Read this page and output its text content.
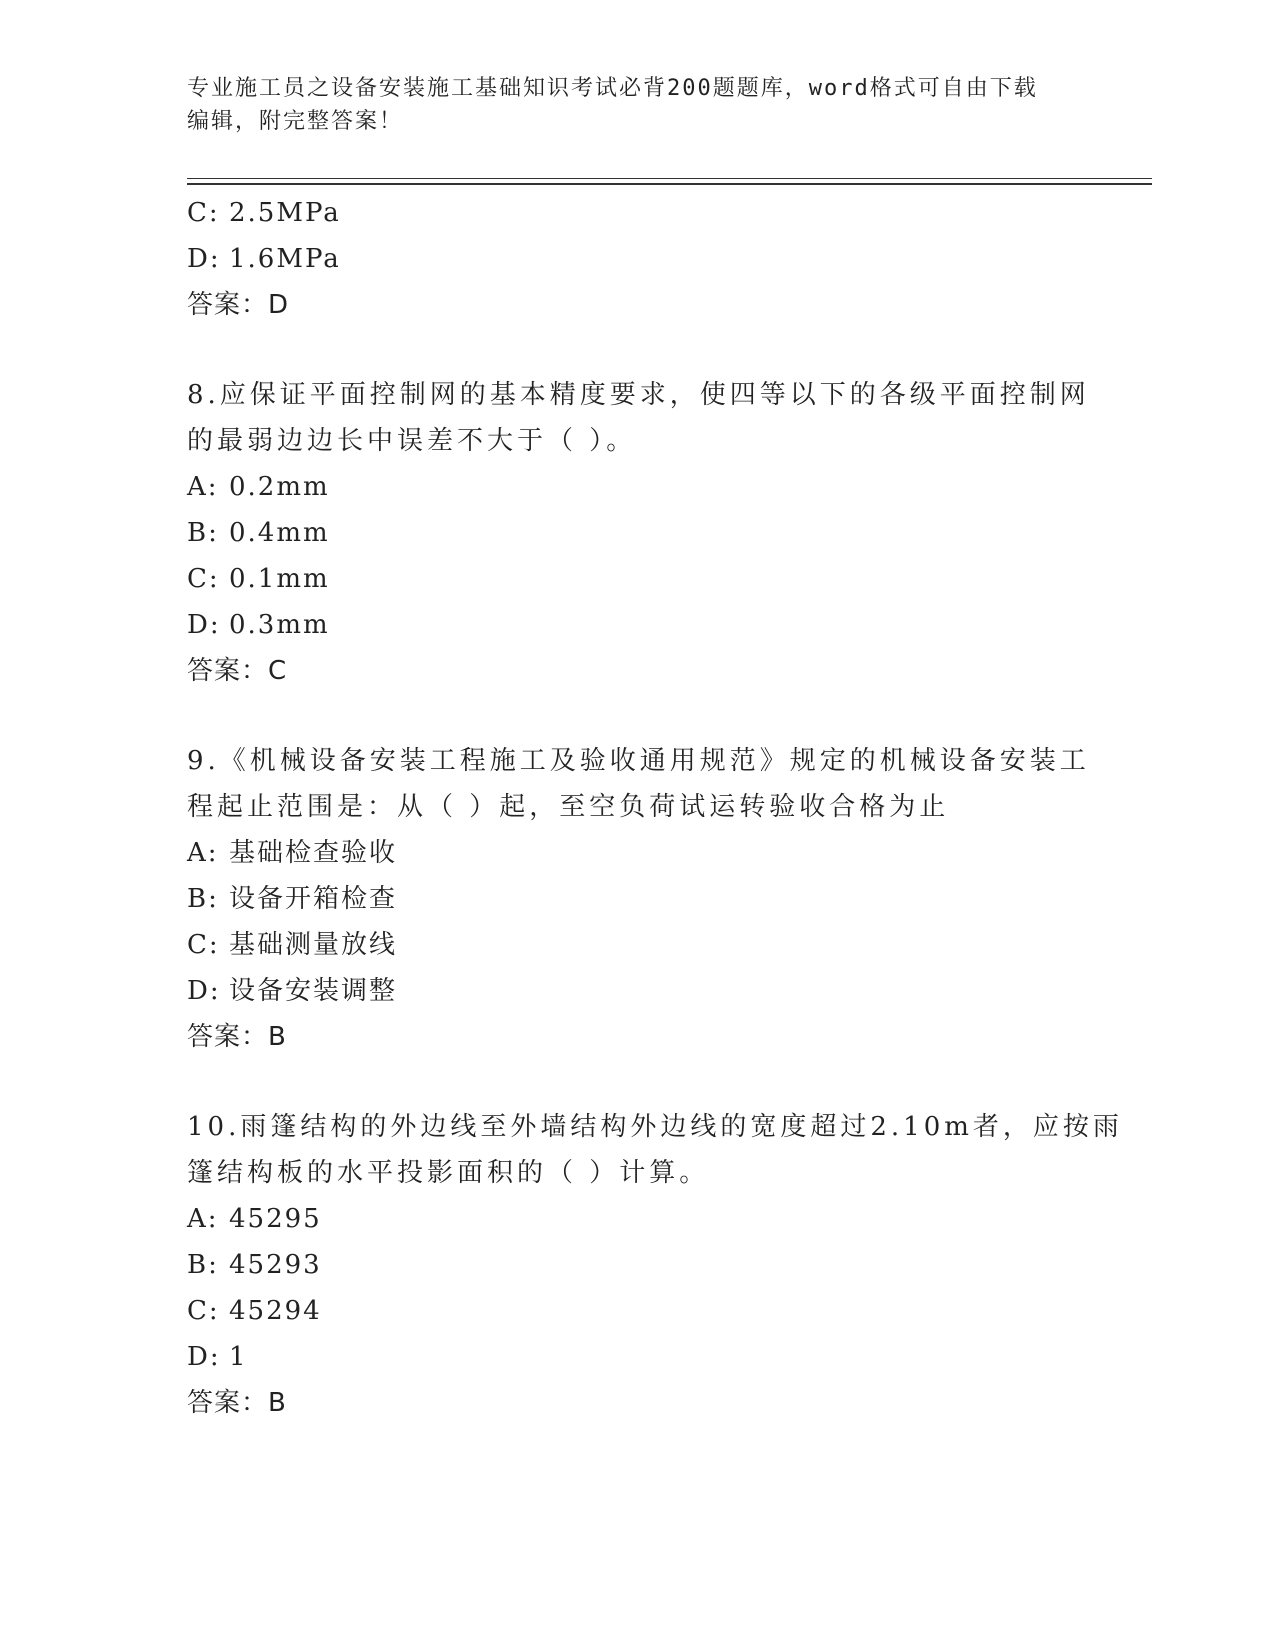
专业施工员之设备安装施工基础知识考试必背200题题库，word格式可自由下载
编辑，附完整答案！
C: 2.5MPa
D: 1.6MPa
答案：D
8.应保证平面控制网的基本精度要求，使四等以下的各级平面控制网
的最弱边边长中误差不大于（ ）。
A: 0.2mm
B: 0.4mm
C: 0.1mm
D: 0.3mm
答案：C
9.《机械设备安装工程施工及验收通用规范》规定的机械设备安装工
程起止范围是：从（ ）起，至空负荷试运转验收合格为止
A: 基础检查验收
B: 设备开箱检查
C: 基础测量放线
D: 设备安装调整
答案：B
10.雨篷结构的外边线至外墙结构外边线的宽度超过2.10m者，应按雨
篷结构板的水平投影面积的（ ）计算。
A: 45295
B: 45293
C: 45294
D: 1
答案：B
